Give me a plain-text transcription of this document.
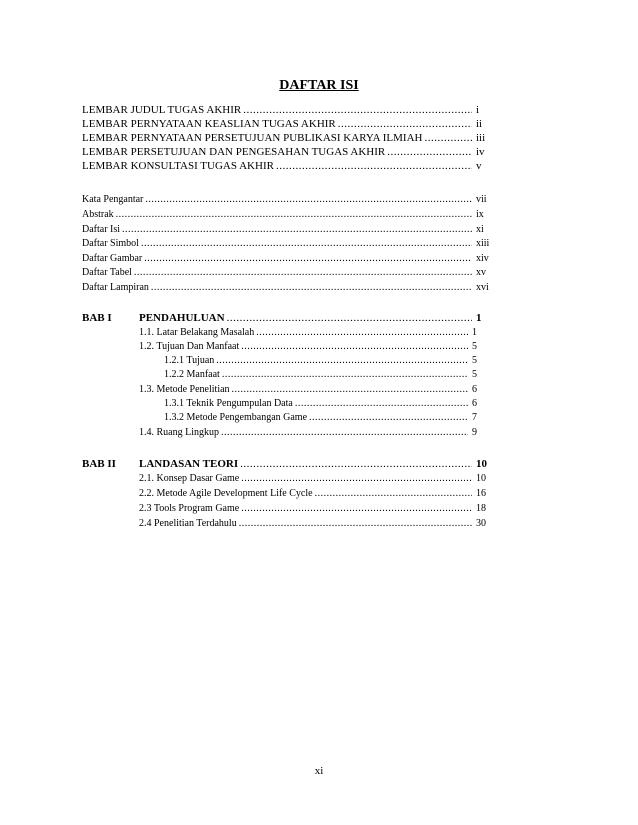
DAFTAR ISI
LEMBAR JUDUL TUGAS AKHIR .....	i
LEMBAR PERNYATAAN KEASLIAN TUGAS AKHIR .....	ii
LEMBAR PERNYATAAN PERSETUJUAN PUBLIKASI KARYA ILMIAH .....	iii
LEMBAR PERSETUJUAN DAN PENGESAHAN TUGAS AKHIR .....	iv
LEMBAR KONSULTASI TUGAS AKHIR .....	v
Kata Pengantar .....	vii
Abstrak .....	ix
Daftar Isi .....	xi
Daftar Simbol .....	xiii
Daftar Gambar .....	xiv
Daftar Tabel .....	xv
Daftar Lampiran .....	xvi
BAB I	PENDAHULUAN .....	1
1.1. Latar Belakang Masalah .....	1
1.2. Tujuan Dan Manfaat .....	5
1.2.1 Tujuan .....	5
1.2.2 Manfaat .....	5
1.3. Metode Penelitian .....	6
1.3.1 Teknik Pengumpulan Data .....	6
1.3.2 Metode Pengembangan Game .....	7
1.4. Ruang Lingkup .....	9
BAB II	LANDASAN TEORI .....	10
2.1. Konsep Dasar Game .....	10
2.2. Metode Agile Development Life Cycle .....	16
2.3 Tools Program Game .....	18
2.4 Penelitian Terdahulu .....	30
xi
